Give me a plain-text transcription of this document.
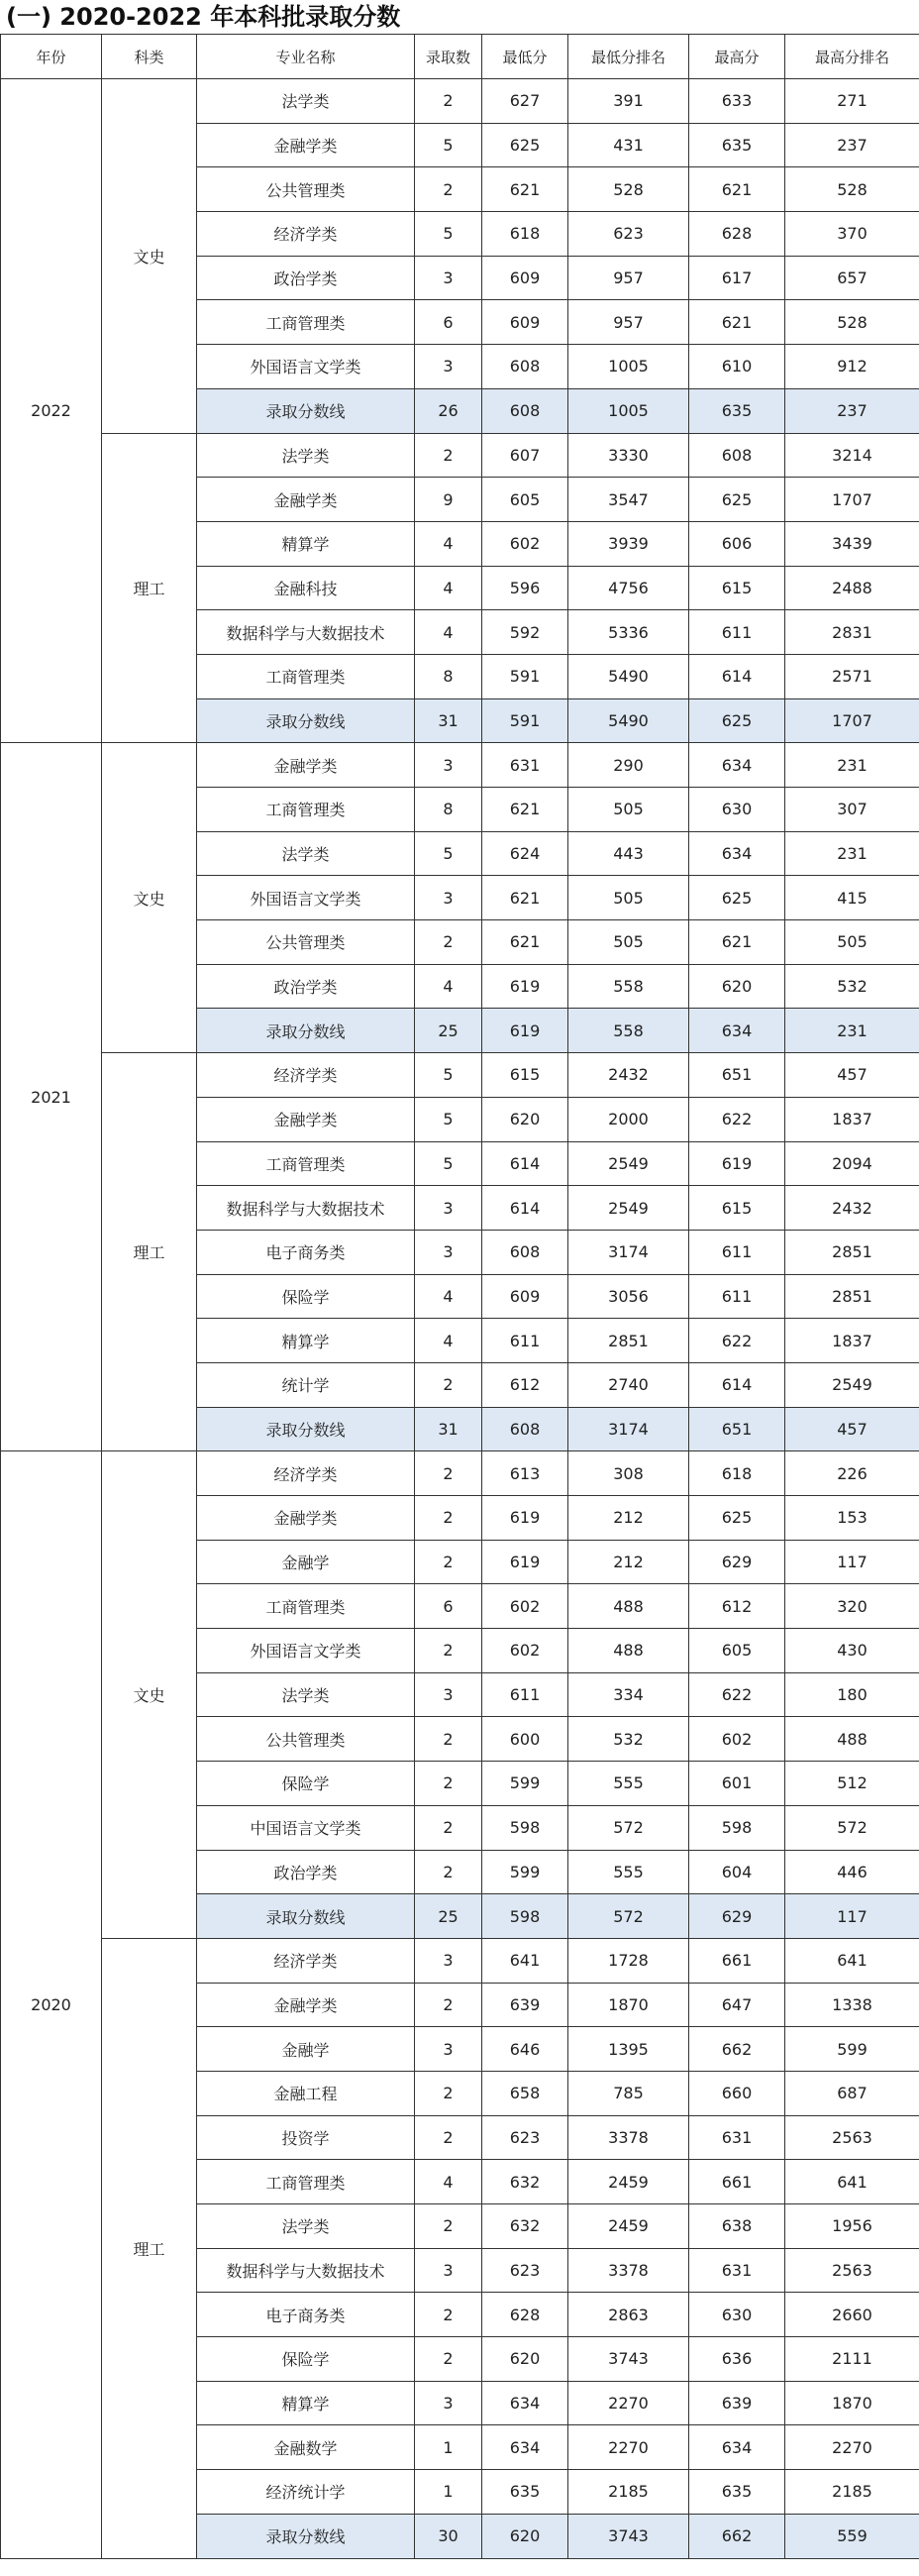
(一) 2020-2022 年本科批录取分数
年份	科类	专业名称	录取数	最低分	最低分排名	最高分	最高分排名
2022	文史	法学类	2	627	391	633	271
		金融学类	5	625	431	635	237
		公共管理类	2	621	528	621	528
		经济学类	5	618	623	628	370
		政治学类	3	609	957	617	657
		工商管理类	6	609	957	621	528
		外国语言文学类	3	608	1005	610	912
		录取分数线	26	608	1005	635	237
	理工	法学类	2	607	3330	608	3214
		金融学类	9	605	3547	625	1707
		精算学	4	602	3939	606	3439
		金融科技	4	596	4756	615	2488
		数据科学与大数据技术	4	592	5336	611	2831
		工商管理类	8	591	5490	614	2571
		录取分数线	31	591	5490	625	1707
2021	文史	金融学类	3	631	290	634	231
		工商管理类	8	621	505	630	307
		法学类	5	624	443	634	231
		外国语言文学类	3	621	505	625	415
		公共管理类	2	621	505	621	505
		政治学类	4	619	558	620	532
		录取分数线	25	619	558	634	231
	理工	经济学类	5	615	2432	651	457
		金融学类	5	620	2000	622	1837
		工商管理类	5	614	2549	619	2094
		数据科学与大数据技术	3	614	2549	615	2432
		电子商务类	3	608	3174	611	2851
		保险学	4	609	3056	611	2851
		精算学	4	611	2851	622	1837
		统计学	2	612	2740	614	2549
		录取分数线	31	608	3174	651	457
2020	文史	经济学类	2	613	308	618	226
		金融学类	2	619	212	625	153
		金融学	2	619	212	629	117
		工商管理类	6	602	488	612	320
		外国语言文学类	2	602	488	605	430
		法学类	3	611	334	622	180
		公共管理类	2	600	532	602	488
		保险学	2	599	555	601	512
		中国语言文学类	2	598	572	598	572
		政治学类	2	599	555	604	446
		录取分数线	25	598	572	629	117
	理工	经济学类	3	641	1728	661	641
		金融学类	2	639	1870	647	1338
		金融学	3	646	1395	662	599
		金融工程	2	658	785	660	687
		投资学	2	623	3378	631	2563
		工商管理类	4	632	2459	661	641
		法学类	2	632	2459	638	1956
		数据科学与大数据技术	3	623	3378	631	2563
		电子商务类	2	628	2863	630	2660
		保险学	2	620	3743	636	2111
		精算学	3	634	2270	639	1870
		金融数学	1	634	2270	634	2270
		经济统计学	1	635	2185	635	2185
		录取分数线	30	620	3743	662	559
